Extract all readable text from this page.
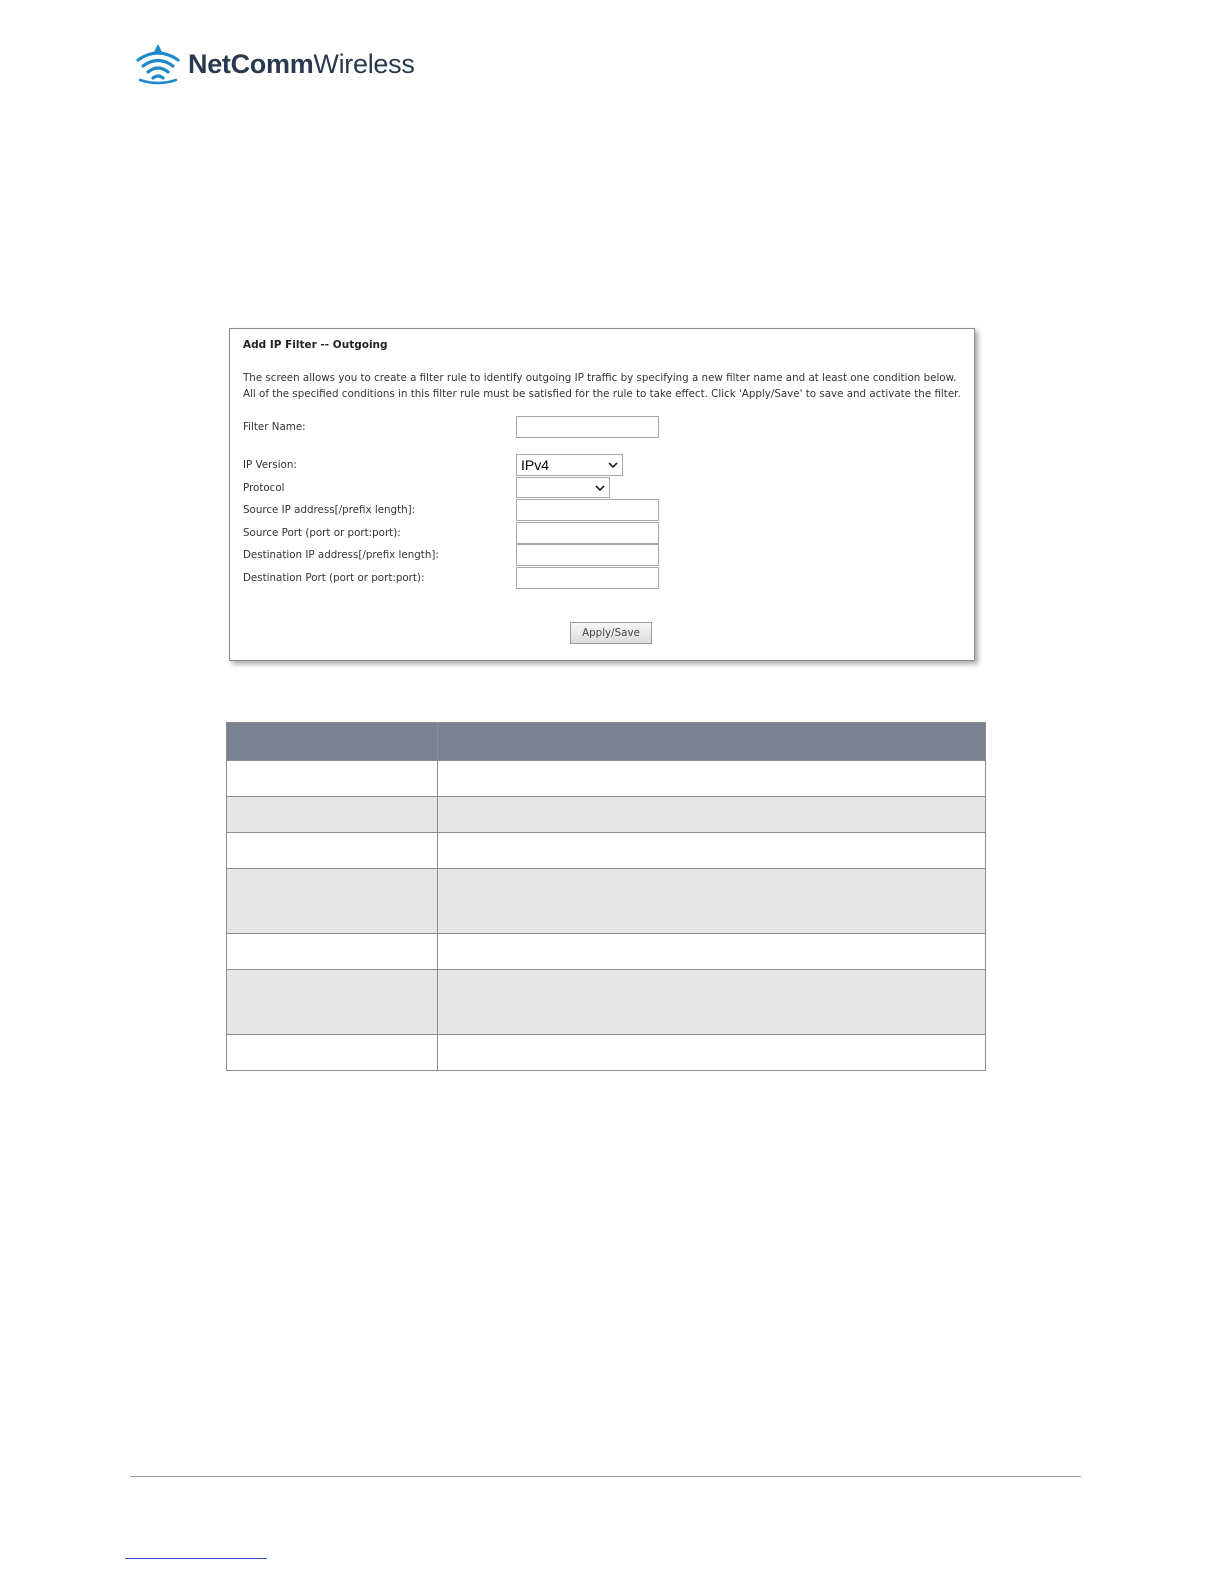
NetCommWireless
Add IP Filter -- Outgoing
The screen allows you to create a filter rule to identify outgoing IP traffic by specifying a new filter name and at least one condition below. All of the specified conditions in this filter rule must be satisfied for the rule to take effect. Click 'Apply/Save' to save and activate the filter.
Filter Name:
IP Version:	IPv4
Protocol
Source IP address[/prefix length]:
Source Port (port or port:port):
Destination IP address[/prefix length]:
Destination Port (port or port:port):
Apply/Save
